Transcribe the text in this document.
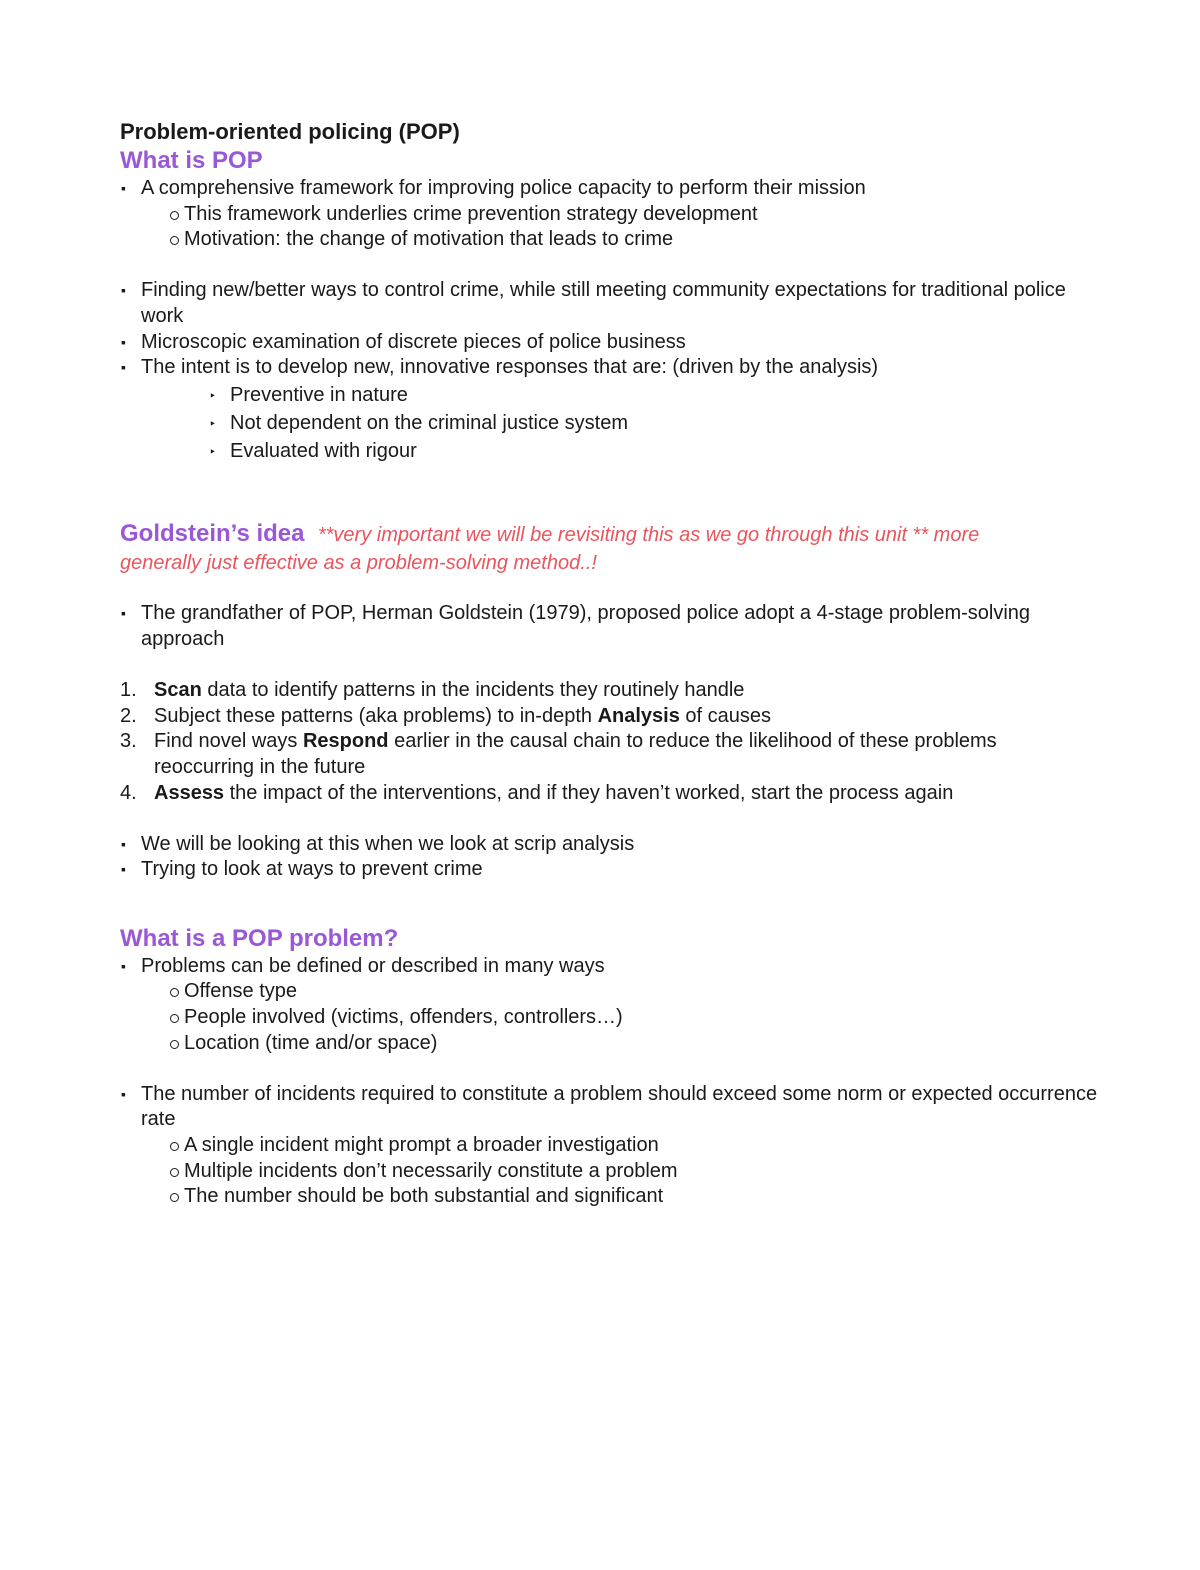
Problem-oriented policing (POP)

What is POP

▪ A comprehensive framework for improving police capacity to perform their mission
This framework underlies crime prevention strategy development
Motivation: the change of motivation that leads to crime
▪ Finding new/better ways to control crime, while still meeting community expectations for traditional police work
▪ Microscopic examination of discrete pieces of police business
▪ The intent is to develop new, innovative responses that are: (driven by the analysis)
‣ Preventive in nature
‣ Not dependent on the criminal justice system
‣ Evaluated with rigour

Goldstein’s idea **very important we will be revisiting this as we go through this unit ** more

generally just effective as a problem-solving method..!

▪ The grandfather of POP, Herman Goldstein (1979), proposed police adopt a 4-stage problem-solving approach
1. Scan data to identify patterns in the incidents they routinely handle
2. Subject these patterns (aka problems) to in-depth Analysis of causes
3. Find novel ways Respond earlier in the causal chain to reduce the likelihood of these problems reoccurring in the future
4. Assess the impact of the interventions, and if they haven’t worked, start the process again
▪ We will be looking at this when we look at scrip analysis
▪ Trying to look at ways to prevent crime

What is a POP problem?

▪ Problems can be defined or described in many ways
Offense type
People involved (victims, offenders, controllers…)
Location (time and/or space)
▪ The number of incidents required to constitute a problem should exceed some norm or expected occurrence rate
A single incident might prompt a broader investigation
Multiple incidents don’t necessarily constitute a problem
The number should be both substantial and significant
